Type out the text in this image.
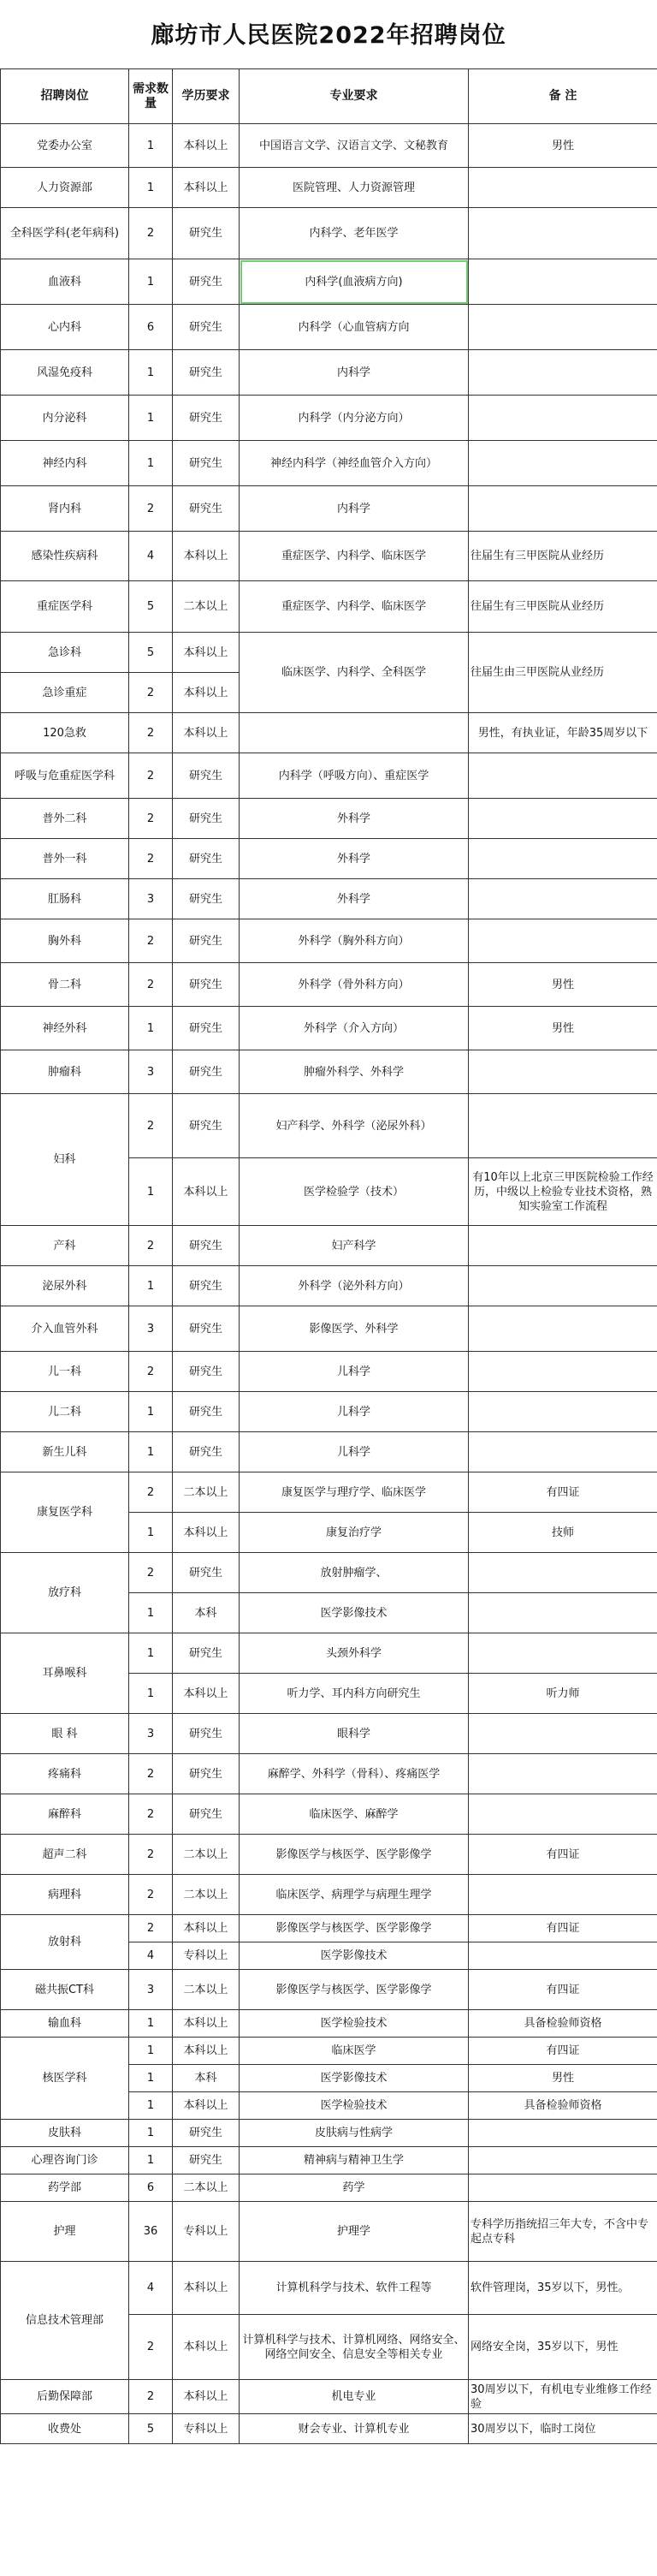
廊坊市人民医院2022年招聘岗位
招聘岗位	需求数量	学历要求	专业要求	备 注
党委办公室	1	本科以上	中国语言文学、汉语言文学、文秘教育	男性
人力资源部	1	本科以上	医院管理、人力资源管理	
全科医学科(老年病科)	2	研究生	内科学、老年医学	
血液科	1	研究生	内科学(血液病方向)	
心内科	6	研究生	内科学（心血管病方向	
风湿免疫科	1	研究生	内科学	
内分泌科	1	研究生	内科学（内分泌方向）	
神经内科	1	研究生	神经内科学（神经血管介入方向）	
肾内科	2	研究生	内科学	
感染性疾病科	4	本科以上	重症医学、内科学、临床医学	往届生有三甲医院从业经历
重症医学科	5	二本以上	重症医学、内科学、临床医学	往届生有三甲医院从业经历
急诊科	5	本科以上	临床医学、内科学、全科医学	往届生由三甲医院从业经历
急诊重症	2	本科以上		
120急救	2	本科以上		男性，有执业证，年龄35周岁以下
呼吸与危重症医学科	2	研究生	内科学（呼吸方向）、重症医学	
普外二科	2	研究生	外科学	
普外一科	2	研究生	外科学	
肛肠科	3	研究生	外科学	
胸外科	2	研究生	外科学（胸外科方向）	
骨二科	2	研究生	外科学（骨外科方向）	男性
神经外科	1	研究生	外科学（介入方向）	男性
肿瘤科	3	研究生	肿瘤外科学、外科学	
妇科	2	研究生	妇产科学、外科学（泌尿外科）	
	1	本科以上	医学检验学（技术）	有10年以上北京三甲医院检验工作经历，中级以上检验专业技术资格，熟知实验室工作流程
产科	2	研究生	妇产科学	
泌尿外科	1	研究生	外科学（泌外科方向）	
介入血管外科	3	研究生	影像医学、外科学	
儿一科	2	研究生	儿科学	
儿二科	1	研究生	儿科学	
新生儿科	1	研究生	儿科学	
康复医学科	2	二本以上	康复医学与理疗学、临床医学	有四证
	1	本科以上	康复治疗学	技师
放疗科	2	研究生	放射肿瘤学、	
	1	本科	医学影像技术	
耳鼻喉科	1	研究生	头颈外科学	
	1	本科以上	听力学、耳内科方向研究生	听力师
眼 科	3	研究生	眼科学	
疼痛科	2	研究生	麻醉学、外科学（骨科）、疼痛医学	
麻醉科	2	研究生	临床医学、麻醉学	
超声二科	2	二本以上	影像医学与核医学、医学影像学	有四证
病理科	2	二本以上	临床医学、病理学与病理生理学	
放射科	2	本科以上	影像医学与核医学、医学影像学	有四证
	4	专科以上	医学影像技术	
磁共振CT科	3	二本以上	影像医学与核医学、医学影像学	有四证
输血科	1	本科以上	医学检验技术	具备检验师资格
核医学科	1	本科以上	临床医学	有四证
	1	本科	医学影像技术	男性
	1	本科以上	医学检验技术	具备检验师资格
皮肤科	1	研究生	皮肤病与性病学	
心理咨询门诊	1	研究生	精神病与精神卫生学	
药学部	6	二本以上	药学	
护理	36	专科以上	护理学	专科学历指统招三年大专，不含中专起点专科
信息技术管理部	4	本科以上	计算机科学与技术、软件工程等	软件管理岗，35岁以下，男性。
	2	本科以上	计算机科学与技术、计算机网络、网络安全、网络空间安全、信息安全等相关专业	网络安全岗，35岁以下，男性
后勤保障部	2	本科以上	机电专业	30周岁以下，有机电专业维修工作经验
收费处	5	专科以上	财会专业、计算机专业	30周岁以下，临时工岗位
